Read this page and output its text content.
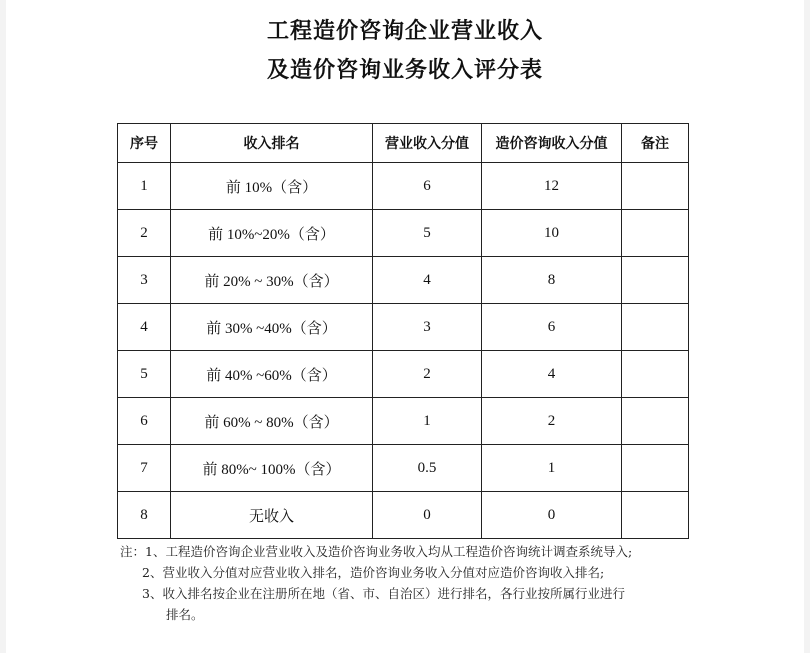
工程造价咨询企业营业收入
及造价咨询业务收入评分表
序号	收入排名	营业收入分值	造价咨询收入分值	备注
1	前 10%（含）	6	12	
2	前 10%~20%（含）	5	10	
3	前 20% ~ 30%（含）	4	8	
4	前 30% ~40%（含）	3	6	
5	前 40% ~60%（含）	2	4	
6	前 60% ~ 80%（含）	1	2	
7	前 80%~ 100%（含）	0.5	1	
8	无收入	0	0	
注：1、工程造价咨询企业营业收入及造价咨询业务收入均从工程造价咨询统计调查系统导入;
2、营业收入分值对应营业收入排名，造价咨询业务收入分值对应造价咨询收入排名;
3、收入排名按企业在注册所在地（省、市、自治区）进行排名，各行业按所属行业进行
排名。
